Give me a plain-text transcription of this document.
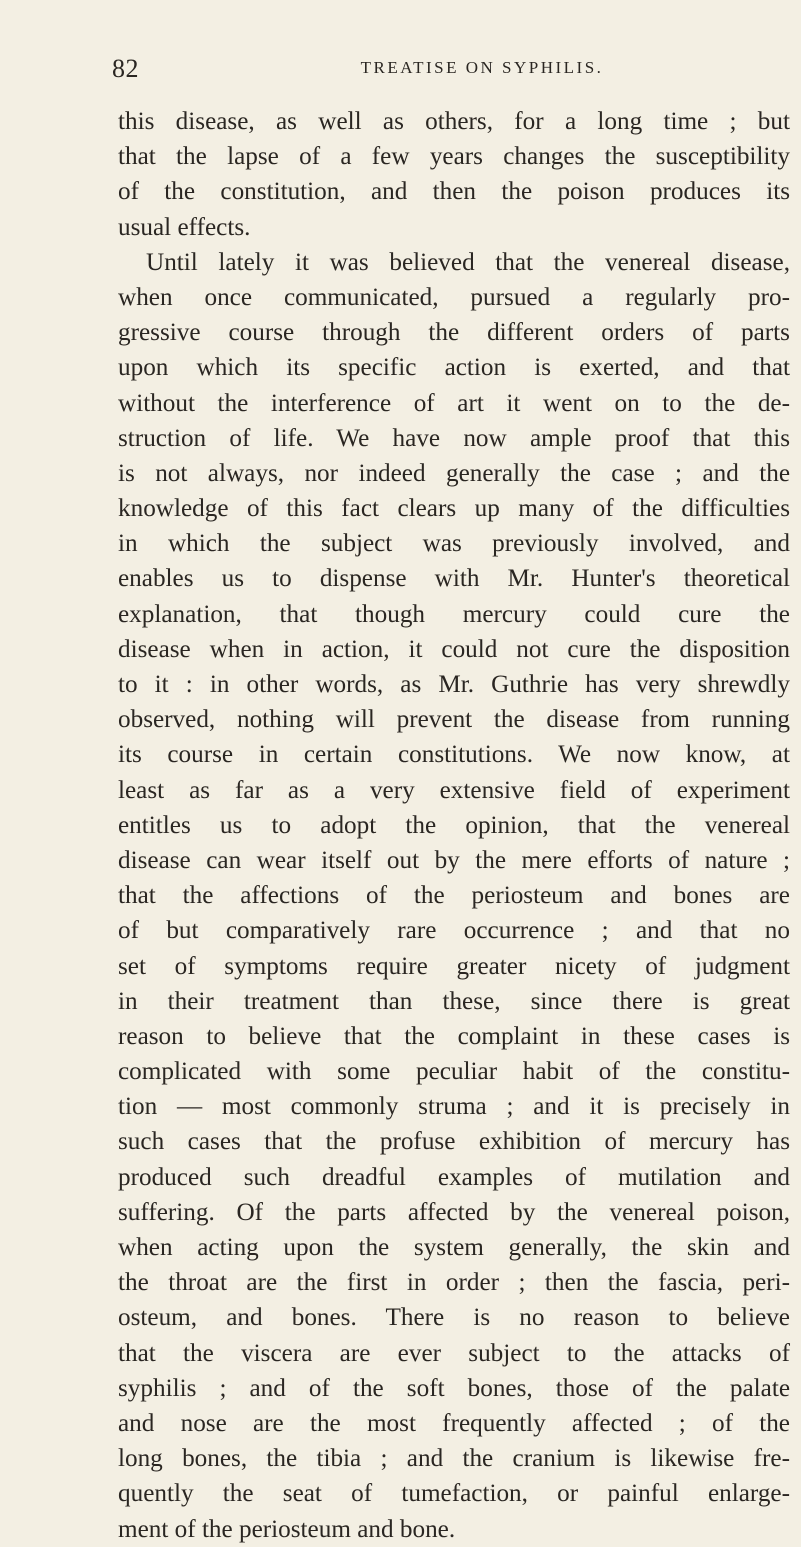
82	TREATISE ON SYPHILIS.
this disease, as well as others, for a long time ; but
that the lapse of a few years changes the susceptibility
of the constitution, and then the poison produces its
usual effects.
Until lately it was believed that the venereal disease,
when once communicated, pursued a regularly pro-
gressive course through the different orders of parts
upon which its specific action is exerted, and that
without the interference of art it went on to the de-
struction of life. We have now ample proof that this
is not always, nor indeed generally the case ; and the
knowledge of this fact clears up many of the difficulties
in which the subject was previously involved, and
enables us to dispense with Mr. Hunter's theoretical
explanation, that though mercury could cure the
disease when in action, it could not cure the disposition
to it : in other words, as Mr. Guthrie has very shrewdly
observed, nothing will prevent the disease from running
its course in certain constitutions. We now know, at
least as far as a very extensive field of experiment
entitles us to adopt the opinion, that the venereal
disease can wear itself out by the mere efforts of nature ;
that the affections of the periosteum and bones are
of but comparatively rare occurrence ; and that no
set of symptoms require greater nicety of judgment
in their treatment than these, since there is great
reason to believe that the complaint in these cases is
complicated with some peculiar habit of the constitu-
tion — most commonly struma ; and it is precisely in
such cases that the profuse exhibition of mercury has
produced such dreadful examples of mutilation and
suffering. Of the parts affected by the venereal poison,
when acting upon the system generally, the skin and
the throat are the first in order ; then the fascia, peri-
osteum, and bones. There is no reason to believe
that the viscera are ever subject to the attacks of
syphilis ; and of the soft bones, those of the palate
and nose are the most frequently affected ; of the
long bones, the tibia ; and the cranium is likewise fre-
quently the seat of tumefaction, or painful enlarge-
ment of the periosteum and bone.
